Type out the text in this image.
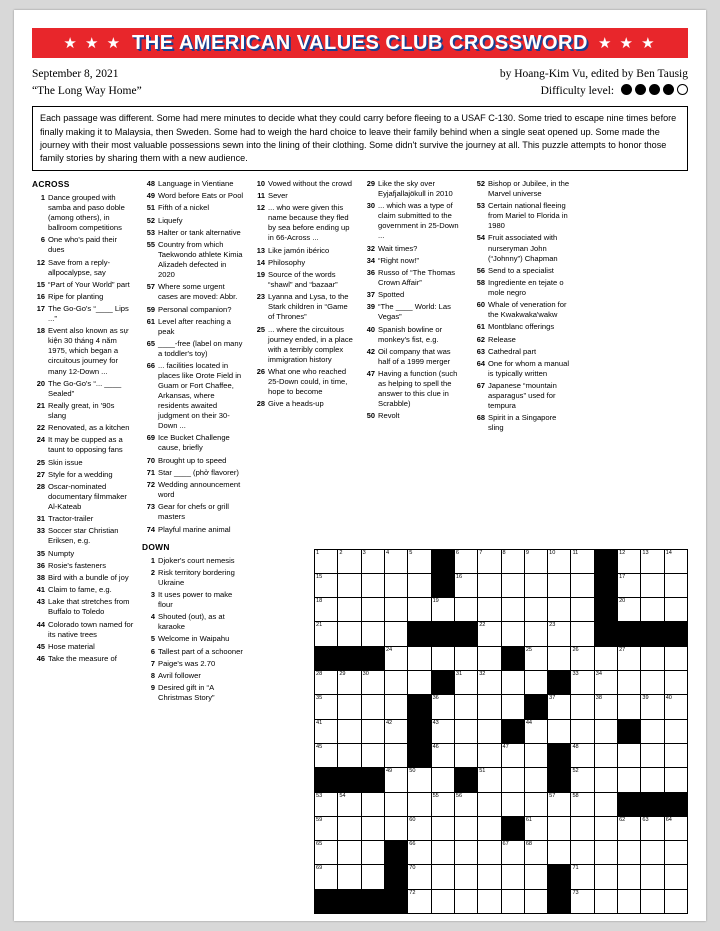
★ ★ ★ THE AMERICAN VALUES CLUB CROSSWORD ★ ★ ★
September 8, 2021
“The Long Way Home”
by Hoang-Kim Vu, edited by Ben Tausig
Difficulty level:
Each passage was different. Some had mere minutes to decide what they could carry before fleeing to a USAF C-130. Some tried to escape nine times before finally making it to Malaysia, then Sweden. Some had to weigh the hard choice to leave their family behind when a single seat opened up. Some made the journey with their most valuable possessions sewn into the lining of their clothing. Some didn't survive the journey at all. This puzzle attempts to honor those family stories by sharing them with a new audience.
ACROSS
1 Dance grouped with samba and paso doble (among others), in ballroom competitions
6 One who's paid their dues
12 Save from a reply-allpocalypse, say
15 “Part of Your World” part
16 Ripe for planting
17 The Go-Go's “____ Lips ...”
18 Event also known as sự kiện 30 tháng 4 năm 1975, which began a circuitous journey for many 12-Down ...
20 The Go-Go's “... ____ Sealed”
21 Really great, in '90s slang
22 Renovated, as a kitchen
24 It may be cupped as a taunt to opposing fans
25 Skin issue
27 Style for a wedding
28 Oscar-nominated documentary filmmaker Al-Kateab
31 Tractor-trailer
33 Soccer star Christian Eriksen, e.g.
35 Numpty
36 Rosie's fasteners
38 Bird with a bundle of joy
41 Claim to fame, e.g.
43 Lake that stretches from Buffalo to Toledo
44 Colorado town named for its native trees
45 Hose material
46 Take the measure of
48 Language in Vientiane
49 Word before Eats or Pool
51 Fifth of a nickel
52 Liquefy
53 Halter or tank alternative
55 Country from which Taekwondo athlete Kimia Alizadeh defected in 2020
57 Where some urgent cases are moved: Abbr.
59 Personal companion?
61 Level after reaching a peak
65 ____-free (label on many a toddler's toy)
66 ... facilities located in places like Orote Field in Guam or Fort Chaffee, Arkansas, where residents awaited judgment on their 30-Down ...
69 Ice Bucket Challenge cause, briefly
70 Brought up to speed
71 Star ____ (phở flavorer)
72 Wedding announcement word
73 Gear for chefs or grill masters
74 Playful marine animal
DOWN
1 Djoker's court nemesis
2 Risk territory bordering Ukraine
3 It uses power to make flour
4 Shouted (out), as at karaoke
5 Welcome in Waipahu
6 Tallest part of a schooner
7 Paige's was 2.70
8 Avril follower
9 Desired gift in “A Christmas Story”
10 Vowed without the crowd
11 Sever
12 ... who were given this name because they fled by sea before ending up in 66-Across ...
13 Like jamón ibérico
14 Philosophy
19 Source of the words “shawl” and “bazaar”
23 Lyanna and Lysa, to the Stark children in “Game of Thrones”
25 ... where the circuitous journey ended, in a place with a terribly complex immigration history
26 What one who reached 25-Down could, in time, hope to become
28 Give a heads-up
29 Like the sky over Eyjafjallajökull in 2010
30 ... which was a type of claim submitted to the government in 25-Down ...
32 Wait times?
34 “Right now!”
36 Russo of “The Thomas Crown Affair”
37 Spotted
39 “The ____ World: Las Vegas”
40 Spanish bowline or monkey's fist, e.g.
42 Oil company that was half of a 1999 merger
47 Having a function (such as helping to spell the answer to this clue in Scrabble)
50 Revolt
52 Bishop or Jubilee, in the Marvel universe
53 Certain national fleeing from Mariel to Florida in 1980
54 Fruit associated with nurseryman John (“Johnny”) Chapman
56 Send to a specialist
58 Ingrediente en tejate o mole negro
60 Whale of veneration for the Kwakwaka'wakw
61 Montblanc offerings
62 Release
63 Cathedral part
64 One for whom a manual is typically written
67 Japanese “mountain asparagus” used for tempura
68 Spirit in a Singapore sling
1	2	3	4	5		6	7	8	9	10	11		12	13	14

15						16							17		

18					19								20		

21							22			23					

			24						25		26		27		

28	29	30				31	32				33	34			

35					36					37		38		39	40

41			42		43				44						

45					46			47			48				

			49	50			51				52				

53	54				55	56				57	58				

59				60					61				62	63	64

65				66				67	68						

69				70							71				

				72							73				
